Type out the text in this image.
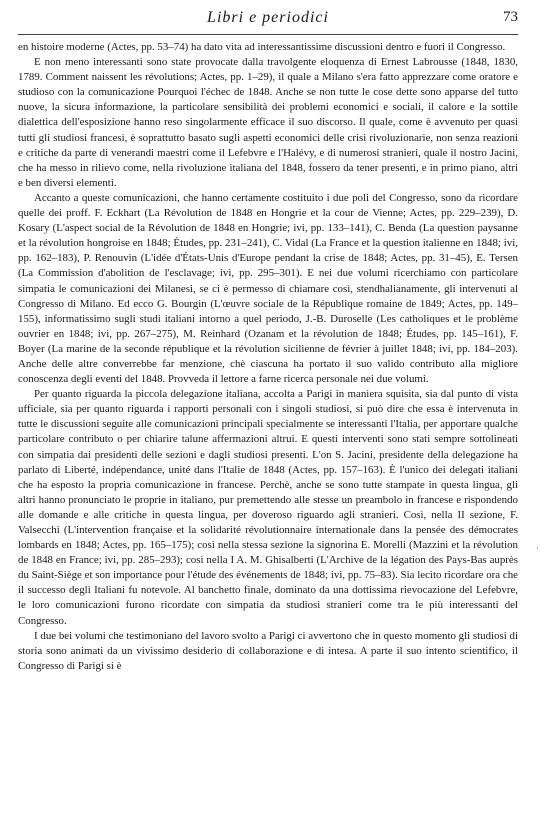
Libri e periodici	73

en histoire moderne (Actes, pp. 53–74) ha dato vita ad interessantissime discussioni dentro e fuori il Congresso.

E non meno interessanti sono state provocate dalla travolgente eloquenza di Ernest Labrousse (1848, 1830, 1789. Comment naissent les révolutions; Actes, pp. 1–29), il quale a Milano s'era fatto apprezzare come oratore e studioso con la comunicazione Pourquoi l'échec de 1848. Anche se non tutte le cose dette sono apparse del tutto nuove, la sicura informazione, la particolare sensibilità dei problemi economici e sociali, il calore e la sottile dialettica dell'esposizione hanno reso singolarmente efficace il suo discorso. Il quale, come è avvenuto per quasi tutti gli studiosi francesi, è soprattutto basato sugli aspetti economici delle crisi rivoluzionarie, non senza reazioni e critiche da parte di venerandi maestri come il Lefebvre e l'Halévy, e di numerosi stranieri, quale il nostro Jacini, che ha messo in rilievo come, nella rivoluzione italiana del 1848, fossero da tener presenti, e in primo piano, altri e ben diversi elementi.

Accanto a queste comunicazioni, che hanno certamente costituito i due poli del Congresso, sono da ricordare quelle dei proff. F. Eckhart (La Révolution de 1848 en Hongrie et la cour de Vienne; Actes, pp. 229–239), D. Kosary (L'aspect social de la Révolution de 1848 en Hongrie; ivi, pp. 133–141), C. Benda (La question paysanne et la révolution hongroise en 1848; Études, pp. 231–241), C. Vidal (La France et la question italienne en 1848; ivi, pp. 162–183), P. Renouvin (L'idée d'États-Unis d'Europe pendant la crise de 1848; Actes, pp. 31–45), E. Tersen (La Commission d'abolition de l'esclavage; ivi, pp. 295–301). E nei due volumi ricerchiamo con particolare simpatia le comunicazioni dei Milanesi, se ci è permesso di chiamare così, stendhalianamente, gli intervenuti al Congresso di Milano. Ed ecco G. Bourgin (L'œuvre sociale de la République romaine de 1849; Actes, pp. 149–155), informatissimo sugli studi italiani intorno a quel periodo, J.-B. Duroselle (Les catholiques et le problème ouvrier en 1848; ivi, pp. 267–275), M. Reinhard (Ozanam et la révolution de 1848; Études, pp. 145–161), F. Boyer (La marine de la seconde république et la révolution sicilienne de février à juillet 1848; ivi, pp. 184–203). Anche delle altre converrebbe far menzione, chè ciascuna ha portato il suo valido contributo alla migliore conoscenza degli eventi del 1848. Provveda il lettore a farne ricerca personale nei due volumi.

Per quanto riguarda la piccola delegazione italiana, accolta a Parigi in maniera squisita, sia dal punto di vista ufficiale, sia per quanto riguarda i rapporti personali con i singoli studiosi, si può dire che essa è intervenuta in tutte le discussioni seguite alle comunicazioni principali specialmente se interessanti l'Italia, per apportare qualche particolare contributo o per chiarire talune affermazioni altrui. E questi interventi sono stati sempre sottolineati con simpatia dai presidenti delle sezioni e dagli studiosi presenti. L'on S. Jacini, presidente della delegazione ha parlato di Liberté, indépendance, unité dans l'Italie de 1848 (Actes, pp. 157–163). È l'unico dei delegati italiani che ha esposto la propria comunicazione in francese. Perchè, anche se sono tutte stampate in questa lingua, gli altri hanno pronunciato le proprie in italiano, pur premettendo alle stesse un preambolo in francese e rispondendo alle domande e alle critiche in questa lingua, per doveroso riguardo agli stranieri. Così, nella II sezione, F. Valsecchi (L'intervention française et la solidarité révolutionnaire internationale dans la pensée des démocrates lombards en 1848; Actes, pp. 165–175); così nella stessa sezione la signorina E. Morelli (Mazzini et la révolution de 1848 en France; ivi, pp. 285–293); così nella I A. M. Ghisalberti (L'Archive de la légation des Pays-Bas auprès du Saint-Siège et son importance pour l'étude des événements de 1848; ivi, pp. 75–83). Sia lecito ricordare ora che il successo degli Italiani fu notevole. Al banchetto finale, dominato da una dottissima rievocazione del Lefebvre, le loro comunicazioni furono ricordate con simpatia da studiosi stranieri come tra le più interessanti del Congresso.

I due bei volumi che testimoniano del lavoro svolto a Parigi ci avvertono che in questo momento gli studiosi di storia sono animati da un vivissimo desiderio di collaborazione e di intesa. A parte il suo intento scientifico, il Congresso di Parigi si è

·
